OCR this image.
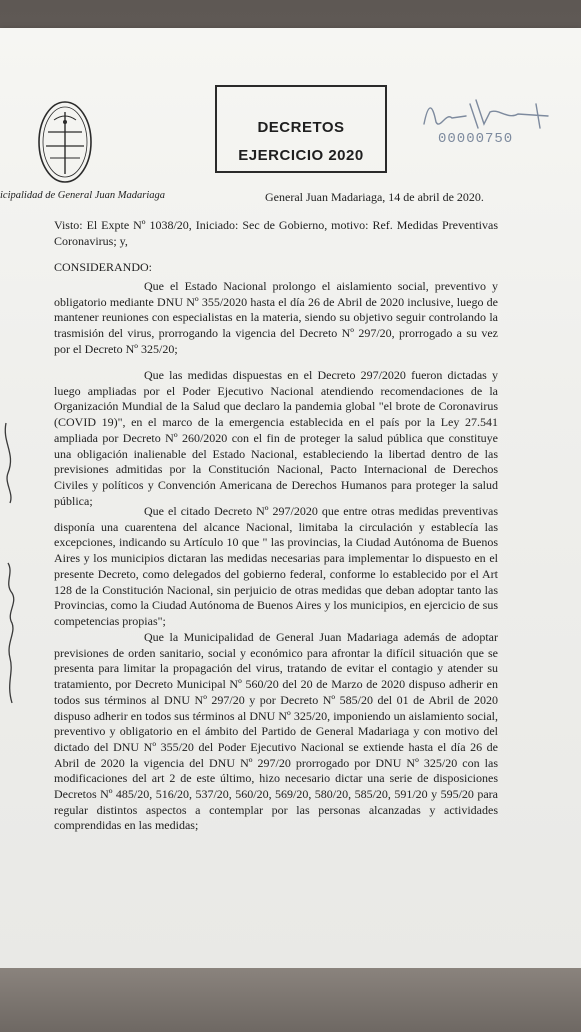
icipalidad de General Juan Madariaga
DECRETOS
EJERCICIO 2020
00000750
General Juan Madariaga, 14 de abril de 2020.
Visto: El Expte Nº 1038/20, Iniciado: Sec de Gobierno, motivo: Ref. Medidas Preventivas Coronavirus; y,
CONSIDERANDO:
Que el Estado Nacional prolongo el aislamiento social, preventivo y obligatorio mediante DNU Nº 355/2020 hasta el día 26 de Abril de 2020 inclusive, luego de mantener reuniones con especialistas en la materia, siendo su objetivo seguir controlando la trasmisión del virus, prorrogando la vigencia del Decreto Nº 297/20, prorrogado a su vez por el Decreto Nº 325/20;
Que las medidas dispuestas en el Decreto 297/2020 fueron dictadas y luego ampliadas por el Poder Ejecutivo Nacional atendiendo recomendaciones de la Organización Mundial de la Salud que declaro la pandemia global "el brote de Coronavirus (COVID 19)", en el marco de la emergencia establecida en el país por la Ley 27.541 ampliada por Decreto Nº 260/2020 con el fin de proteger la salud pública que constituye una obligación inalienable del Estado Nacional, estableciendo la libertad dentro de las previsiones admitidas por la Constitución Nacional, Pacto Internacional de Derechos Civiles y políticos y Convención Americana de Derechos Humanos para proteger la salud pública;
Que el citado Decreto Nº 297/2020 que entre otras medidas preventivas disponía una cuarentena del alcance Nacional, limitaba la circulación y establecía las excepciones, indicando su Artículo 10 que " las provincias, la Ciudad Autónoma de Buenos Aires y los municipios dictaran las medidas necesarias para implementar lo dispuesto en el presente Decreto, como delegados del gobierno federal, conforme lo establecido por el Art 128 de la Constitución Nacional, sin perjuicio de otras medidas que deban adoptar tanto las Provincias, como la Ciudad Autónoma de Buenos Aires y los municipios, en ejercicio de sus competencias propias";
Que la Municipalidad de General Juan Madariaga además de adoptar previsiones de orden sanitario, social y económico para afrontar la difícil situación que se presenta para limitar la propagación del virus, tratando de evitar el contagio y atender su tratamiento, por Decreto Municipal Nº 560/20 del 20 de Marzo de 2020 dispuso adherir en todos sus términos al DNU Nº 297/20 y por Decreto Nº 585/20 del 01 de Abril de 2020 dispuso adherir en todos sus términos al DNU Nº 325/20, imponiendo un aislamiento social, preventivo y obligatorio en el ámbito del Partido de General Madariaga y con motivo del dictado del DNU Nº 355/20 del Poder Ejecutivo Nacional se extiende hasta el día 26 de Abril de 2020 la vigencia del DNU Nº 297/20 prorrogado por DNU Nº 325/20 con las modificaciones del art 2 de este último, hizo necesario dictar una serie de disposiciones Decretos Nº 485/20, 516/20, 537/20, 560/20, 569/20, 580/20, 585/20, 591/20 y 595/20 para regular distintos aspectos a contemplar por las personas alcanzadas y actividades comprendidas en las medidas;
